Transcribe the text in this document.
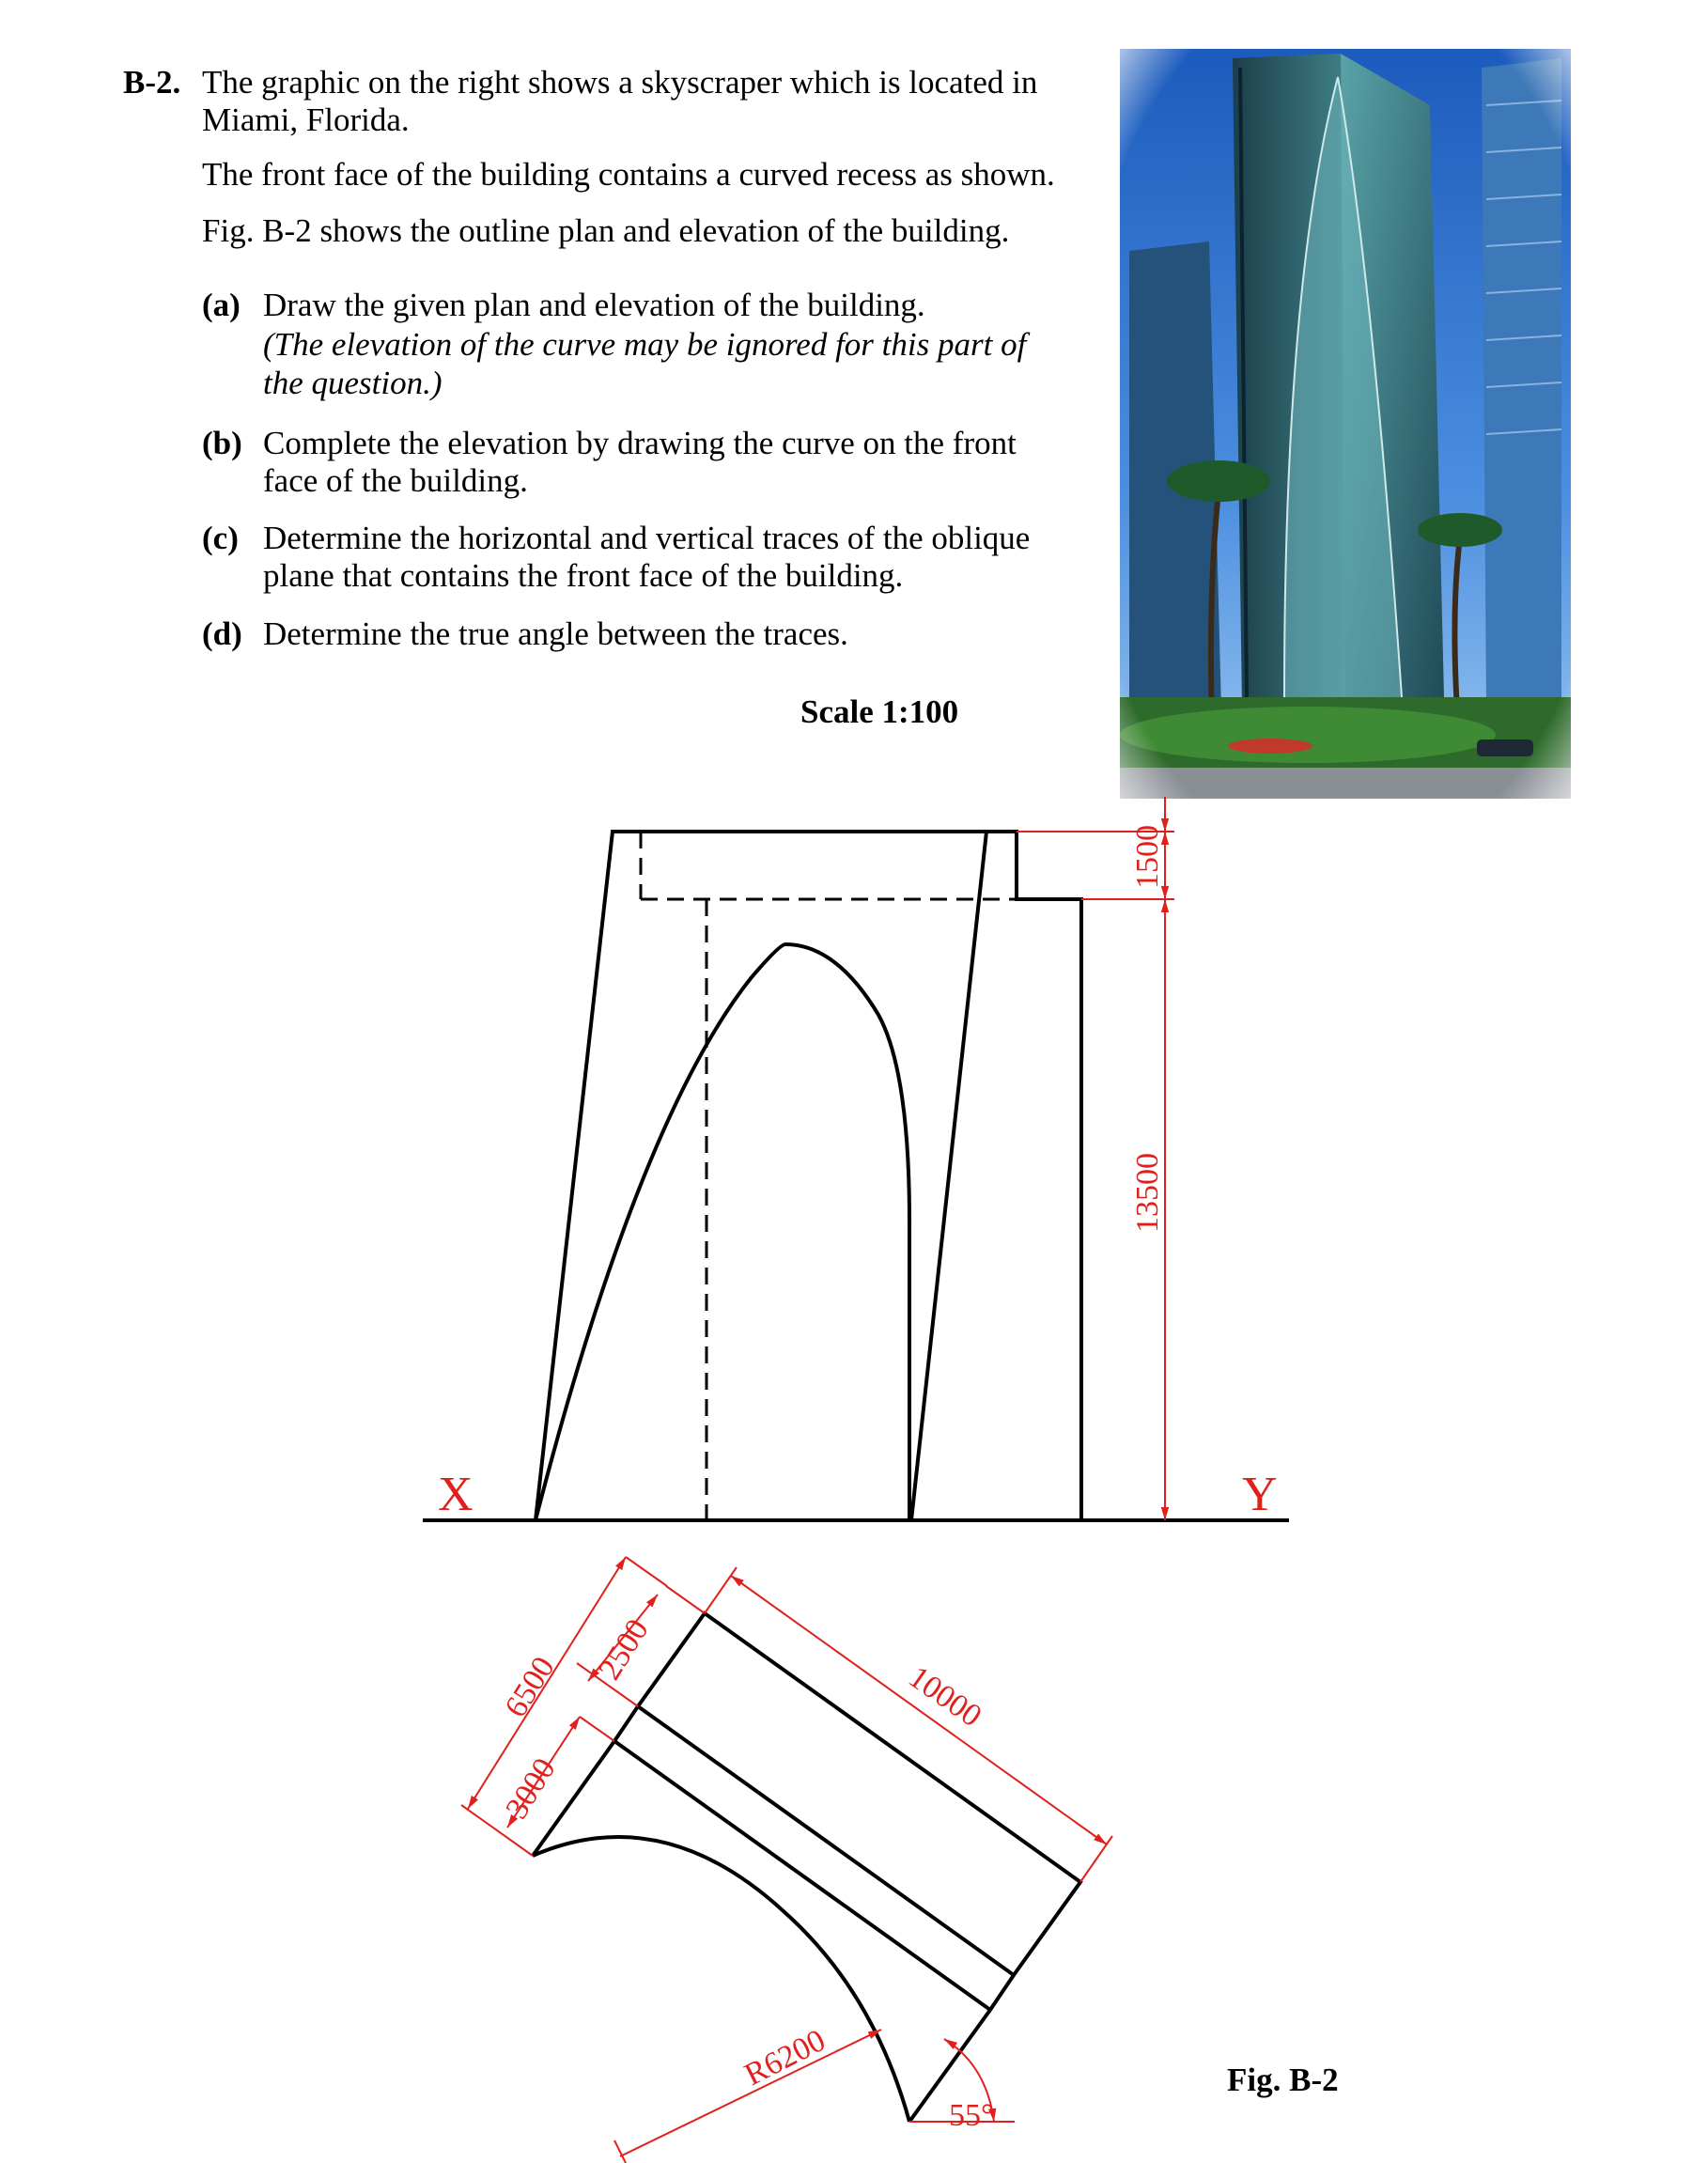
B-2. The graphic on the right shows a skyscraper which is located in

Miami, Florida.

The front face of the building contains a curved recess as shown.

Fig. B-2 shows the outline plan and elevation of the building.

(a) Draw the given plan and elevation of the building.

(The elevation of the curve may be ignored for this part of

the question.)

(b) Complete the elevation by drawing the curve on the front

face of the building.

(c) Determine the horizontal and vertical traces of the oblique

plane that contains the front face of the building.

(d) Determine the true angle between the traces.

Scale 1:100

Fig. B-2

X	Y
1500
13500
10000
6500
2500
3000
R6200
55°
